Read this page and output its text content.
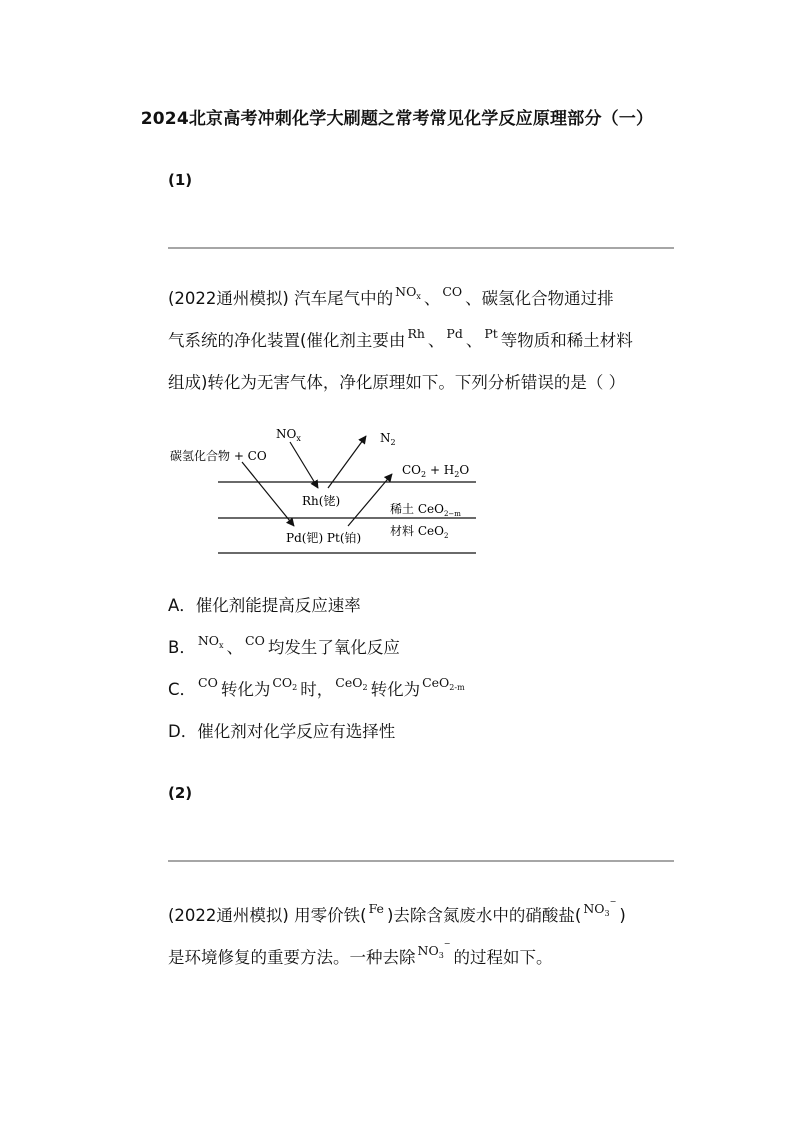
2024北京高考冲刺化学大刷题之常考常见化学反应原理部分（一）
(1)
(2022通州模拟) 汽车尾气中的 $^{NO_x}$ 、 $^{CO}$ 、碳氢化合物通过排
气系统的净化装置(催化剂主要由 $^{Rh}$ 、 $^{Pd}$ 、 $^{Pt}$ 等物质和稀土材料
组成)转化为无害气体，净化原理如下。下列分析错误的是（ ）
碳氢化合物 + CO
$NO_x$	$N_2$
$CO_2 + H_2O$
Rh(铑)
稀土 CeO$_{2-m}$
材料 CeO$_2$
Pd(钯) Pt(铂)
A．催化剂能提高反应速率
B． $^{NO_x}$ 、 $^{CO}$ 均发生了氧化反应
C． $^{CO}$ 转化为 $^{CO_2}$ 时， $^{CeO_2}$ 转化为 $^{CeO_{2-m}}$
D．催化剂对化学反应有选择性
(2)
(2022通州模拟) 用零价铁( $^{Fe}$ )去除含氮废水中的硝酸盐( $^{NO_3^-}$)
是环境修复的重要方法。一种去除 $^{NO_3^-}$的过程如下。
